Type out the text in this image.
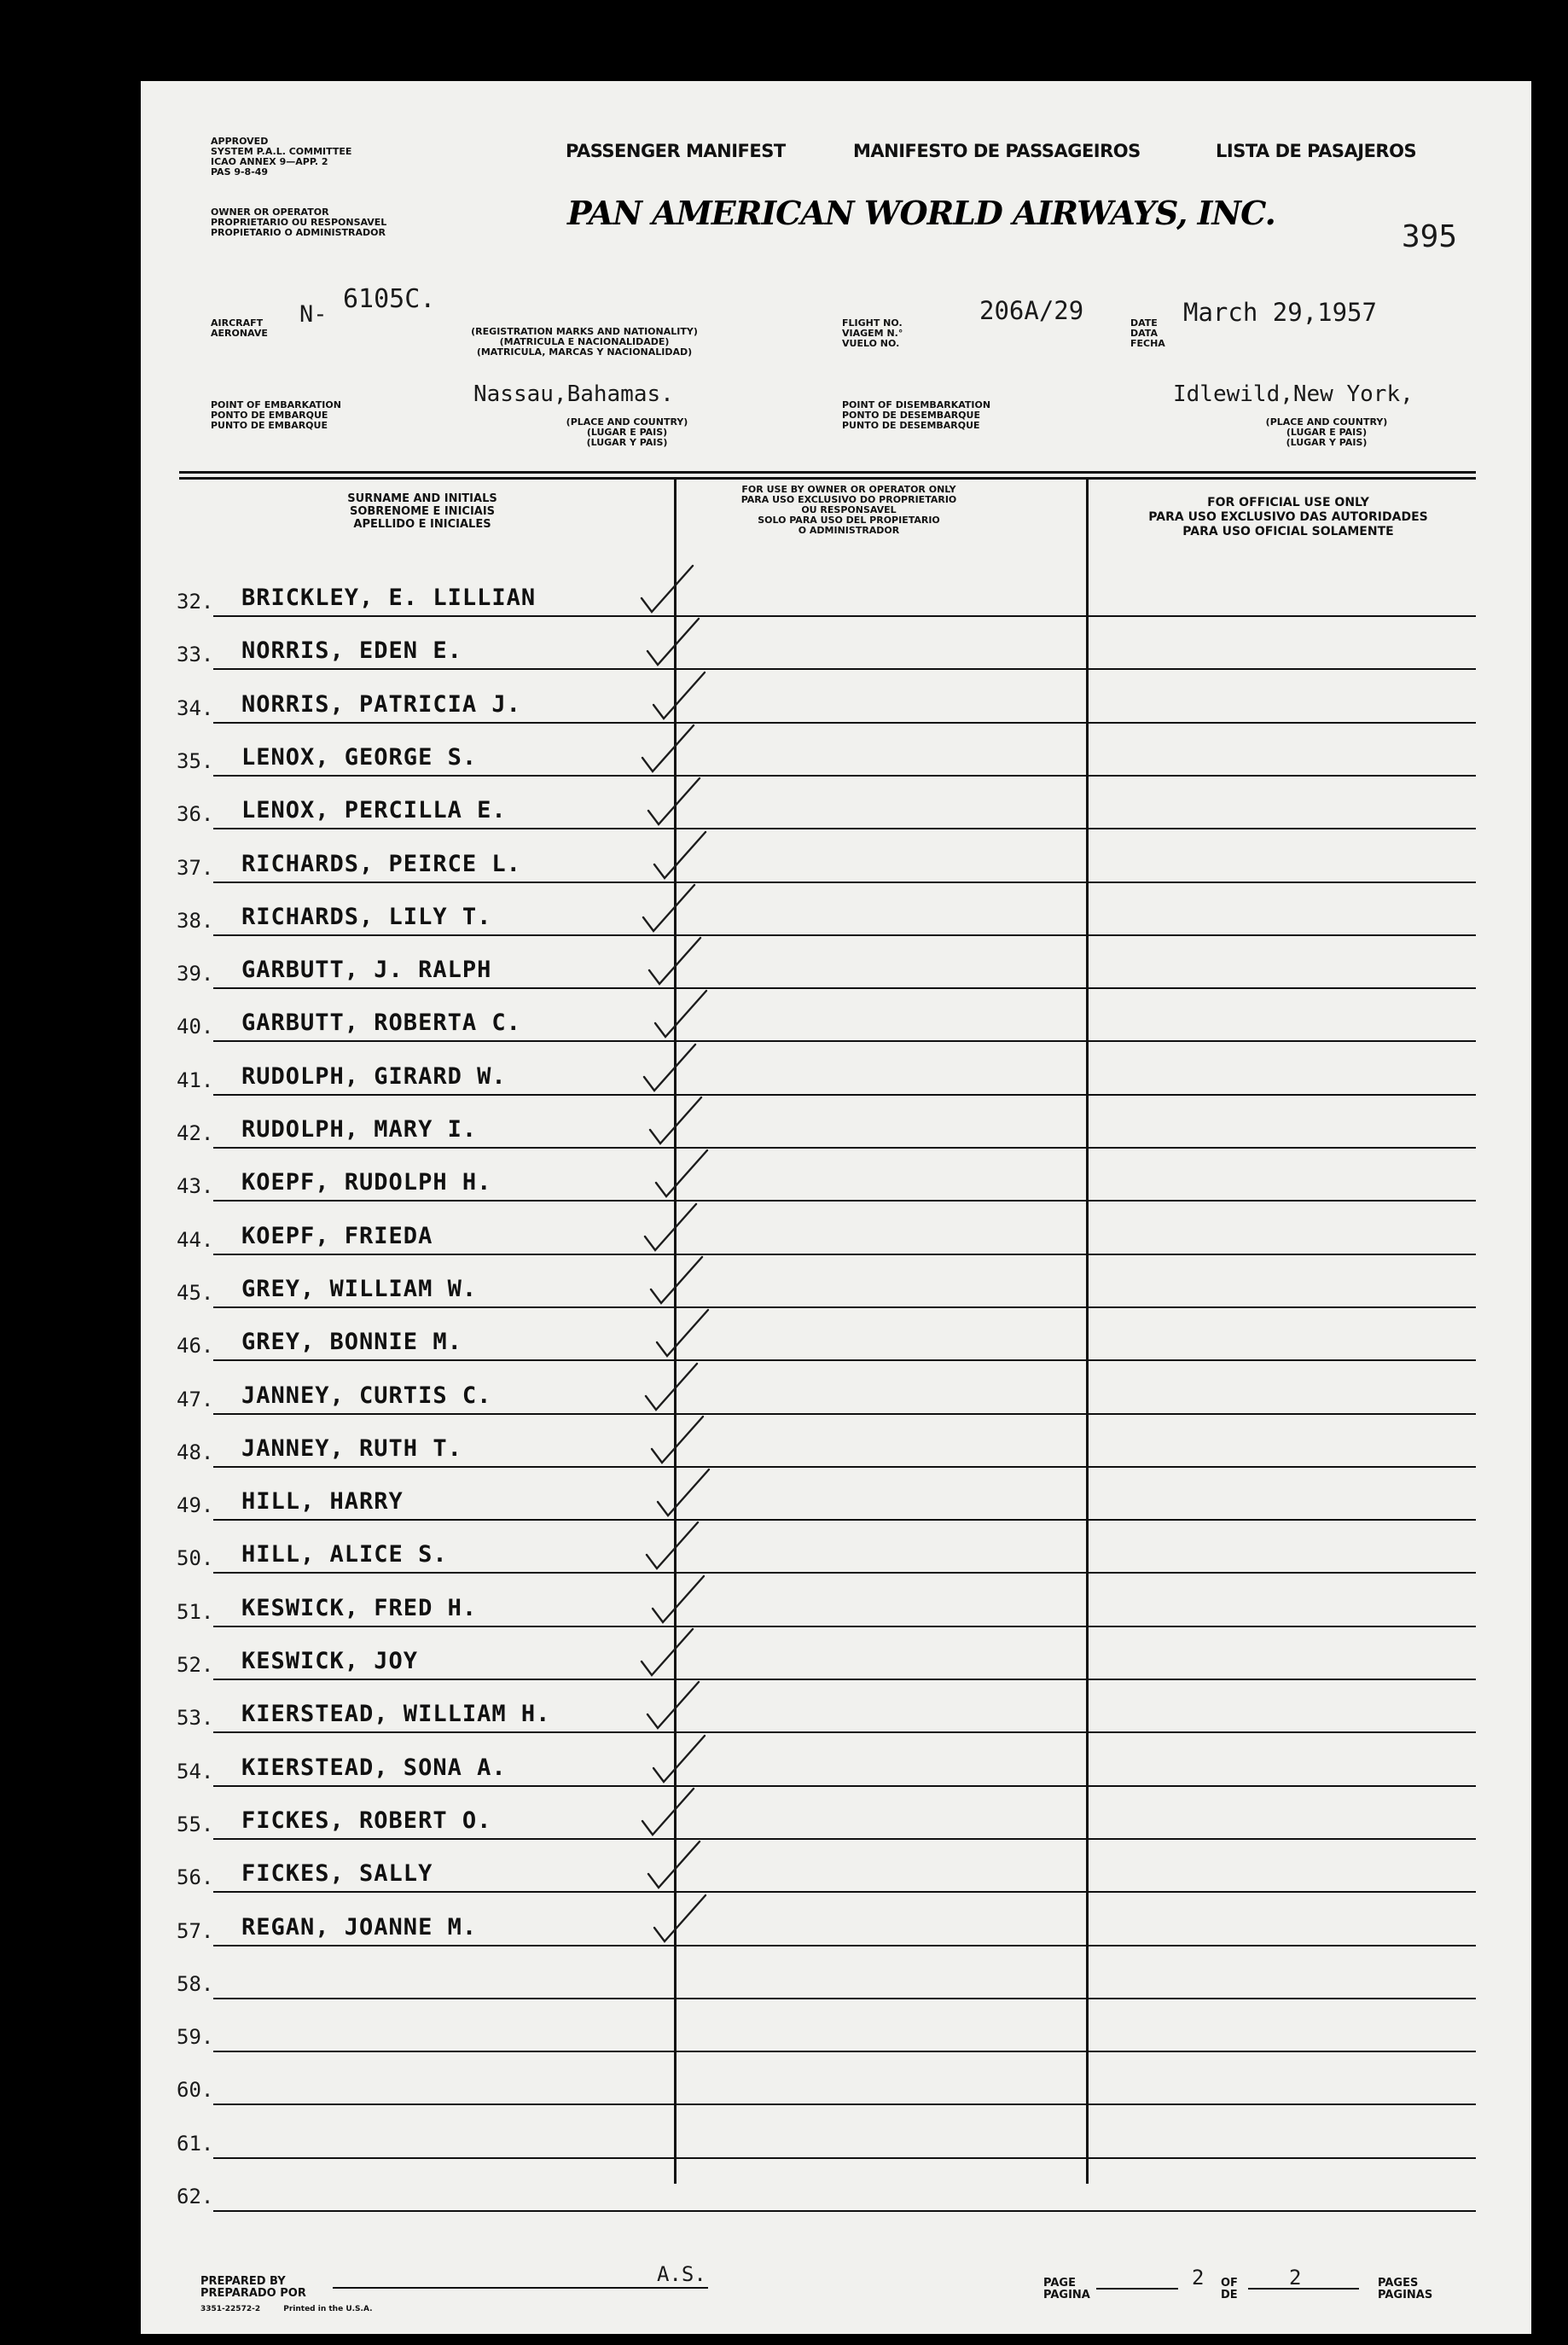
APPROVED
SYSTEM P.A.L. COMMITTEE
ICAO ANNEX 9—APP. 2
PAS 9-8-49
PASSENGER MANIFEST	MANIFESTO DE PASSAGEIROS	LISTA DE PASAJEROS
OWNER OR OPERATOR
PROPRIETARIO OU RESPONSAVEL
PROPIETARIO O ADMINISTRADOR
PAN AMERICAN WORLD AIRWAYS, INC.
395
AIRCRAFT
AERONAVE
N-
6105C.
(REGISTRATION MARKS AND NATIONALITY)
(MATRICULA E NACIONALIDADE)
(MATRICULA, MARCAS Y NACIONALIDAD)
FLIGHT NO.
VIAGEM N.°
VUELO NO.
206A/29	DATE
DATA
FECHA
March 29,1957
POINT OF EMBARKATION
PONTO DE EMBARQUE
PUNTO DE EMBARQUE
Nassau,Bahamas.
(PLACE AND COUNTRY)
(LUGAR E PAIS)
(LUGAR Y PAIS)
POINT OF DISEMBARKATION
PONTO DE DESEMBARQUE
PUNTO DE DESEMBARQUE
Idlewild,New York,
(PLACE AND COUNTRY)
(LUGAR E PAIS)
(LUGAR Y PAIS)
SURNAME AND INITIALS
SOBRENOME E INICIAIS
APELLIDO E INICIALES
FOR USE BY OWNER OR OPERATOR ONLY
PARA USO EXCLUSIVO DO PROPRIETARIO
OU RESPONSAVEL
SOLO PARA USO DEL PROPIETARIO
O ADMINISTRADOR
FOR OFFICIAL USE ONLY
PARA USO EXCLUSIVO DAS AUTORIDADES
PARA USO OFICIAL SOLAMENTE
32. BRICKLEY, E. LILLIAN
33. NORRIS, EDEN E.
34. NORRIS, PATRICIA J.
35. LENOX, GEORGE S.
36. LENOX, PERCILLA E.
37. RICHARDS, PEIRCE L.
38. RICHARDS, LILY T.
39. GARBUTT, J. RALPH
40. GARBUTT, ROBERTA C.
41. RUDOLPH, GIRARD W.
42. RUDOLPH, MARY I.
43. KOEPF, RUDOLPH H.
44. KOEPF, FRIEDA
45. GREY, WILLIAM W.
46. GREY, BONNIE M.
47. JANNEY, CURTIS C.
48. JANNEY, RUTH T.
49. HILL, HARRY
50. HILL, ALICE S.
51. KESWICK, FRED H.
52. KESWICK, JOY
53. KIERSTEAD, WILLIAM H.
54. KIERSTEAD, SONA A.
55. FICKES, ROBERT O.
56. FICKES, SALLY
57. REGAN, JOANNE M.
58.
59.
60.
61.
62.
PREPARED BY
PREPARADO POR
A.S.
3351-22572-2	Printed in the U.S.A.
PAGE
PAGINA
2 OF
DE
2	PAGES
PAGINAS
